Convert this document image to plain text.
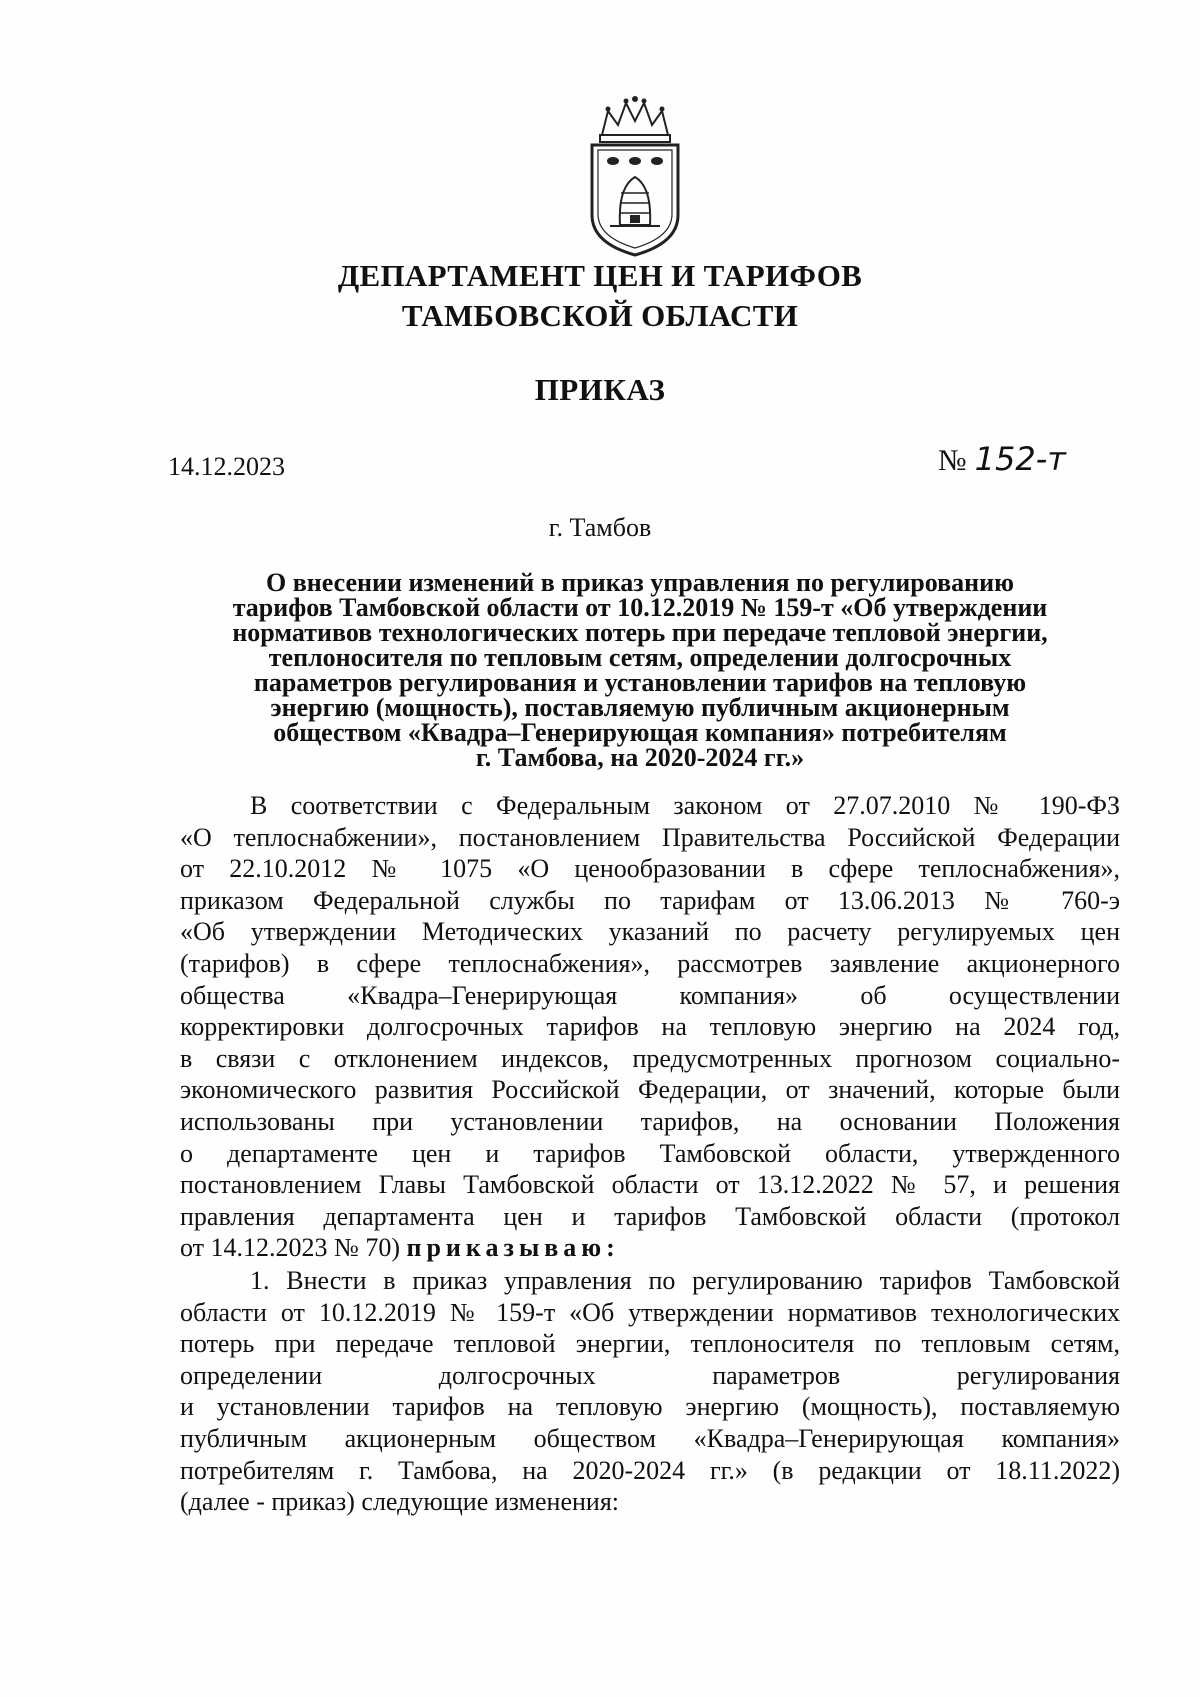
ДЕПАРТАМЕНТ ЦЕН И ТАРИФОВ
ТАМБОВСКОЙ ОБЛАСТИ
ПРИКАЗ
14.12.2023	№ 152-т
г. Тамбов
О внесении изменений в приказ управления по регулированию
тарифов Тамбовской области от 10.12.2019 № 159-т «Об утверждении
нормативов технологических потерь при передаче тепловой энергии,
теплоносителя по тепловым сетям, определении долгосрочных
параметров регулирования и установлении тарифов на тепловую
энергию (мощность), поставляемую публичным акционерным
обществом «Квадра–Генерирующая компания» потребителям
г. Тамбова, на 2020-2024 гг.»
В соответствии с Федеральным законом от 27.07.2010 № 190-ФЗ
«О теплоснабжении», постановлением Правительства Российской Федерации
от 22.10.2012 № 1075 «О ценообразовании в сфере теплоснабжения»,
приказом Федеральной службы по тарифам от 13.06.2013 № 760-э
«Об утверждении Методических указаний по расчету регулируемых цен
(тарифов) в сфере теплоснабжения», рассмотрев заявление акционерного
общества «Квадра–Генерирующая компания» об осуществлении
корректировки долгосрочных тарифов на тепловую энергию на 2024 год,
в связи с отклонением индексов, предусмотренных прогнозом социально-
экономического развития Российской Федерации, от значений, которые были
использованы при установлении тарифов, на основании Положения
о департаменте цен и тарифов Тамбовской области, утвержденного
постановлением Главы Тамбовской области от 13.12.2022 № 57, и решения
правления департамента цен и тарифов Тамбовской области (протокол
от 14.12.2023 № 70) приказываю:
1. Внести в приказ управления по регулированию тарифов Тамбовской
области от 10.12.2019 № 159-т «Об утверждении нормативов технологических
потерь при передаче тепловой энергии, теплоносителя по тепловым сетям,
определении долгосрочных параметров регулирования
и установлении тарифов на тепловую энергию (мощность), поставляемую
публичным акционерным обществом «Квадра–Генерирующая компания»
потребителям г. Тамбова, на 2020-2024 гг.» (в редакции от 18.11.2022)
(далее - приказ) следующие изменения:
